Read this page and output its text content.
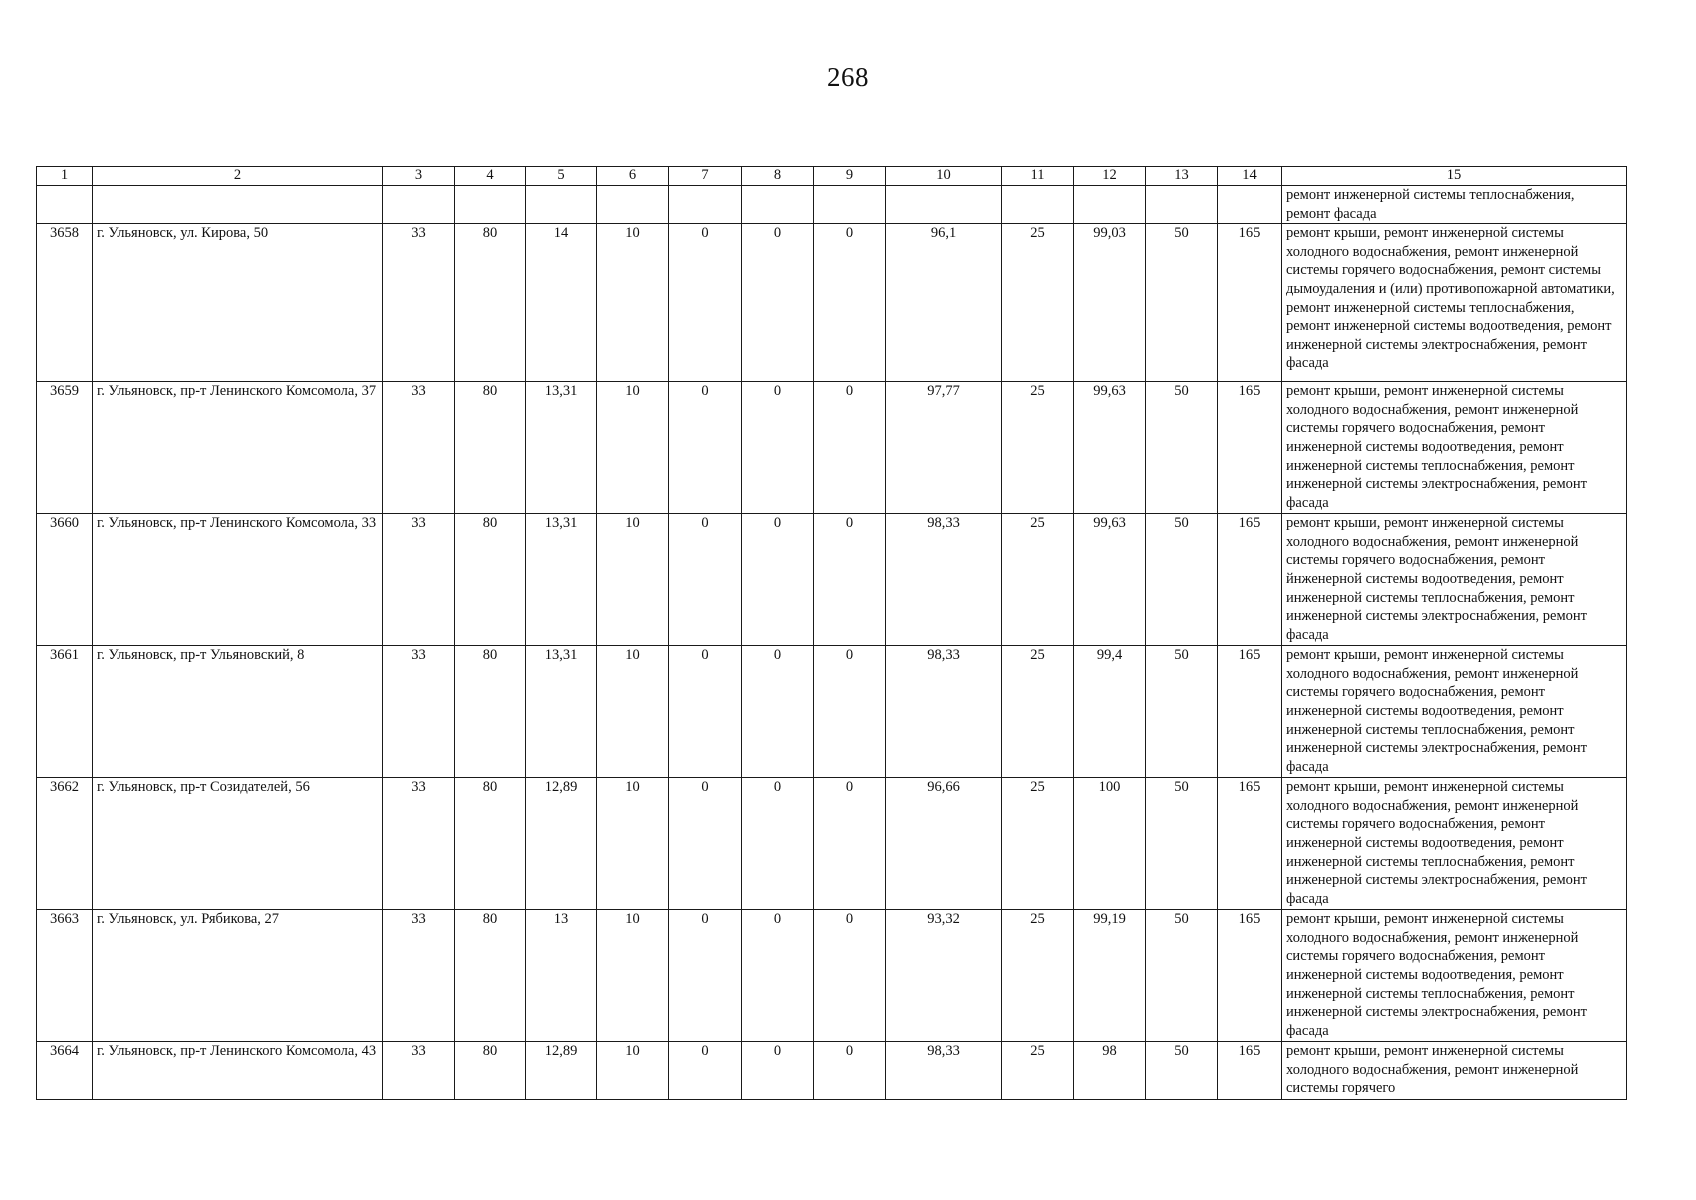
268
1	2	3	4	5	6	7	8	9	10	11	12	13	14	15
														ремонт инженерной системы теплоснабжения, ремонт фасада
3658	г. Ульяновск, ул. Кирова, 50	33	80	14	10	0	0	0	96,1	25	99,03	50	165	ремонт крыши, ремонт инженерной системы холодного водоснабжения, ремонт инженерной системы горячего водоснабжения, ремонт системы дымоудаления и (или) противопожарной автоматики, ремонт инженерной системы теплоснабжения, ремонт инженерной системы водоотведения, ремонт инженерной системы электроснабжения, ремонт фасада
3659	г. Ульяновск, пр-т Ленинского Комсомола, 37	33	80	13,31	10	0	0	0	97,77	25	99,63	50	165	ремонт крыши, ремонт инженерной системы холодного водоснабжения, ремонт инженерной системы горячего водоснабжения, ремонт инженерной системы водоотведения, ремонт инженерной системы теплоснабжения, ремонт инженерной системы электроснабжения, ремонт фасада
3660	г. Ульяновск, пр-т Ленинского Комсомола, 33	33	80	13,31	10	0	0	0	98,33	25	99,63	50	165	ремонт крыши, ремонт инженерной системы холодного водоснабжения, ремонт инженерной системы горячего водоснабжения, ремонт йнженерной системы водоотведения, ремонт инженерной системы теплоснабжения, ремонт инженерной системы электроснабжения, ремонт фасада
3661	г. Ульяновск, пр-т Ульяновский, 8	33	80	13,31	10	0	0	0	98,33	25	99,4	50	165	ремонт крыши, ремонт инженерной системы холодного водоснабжения, ремонт инженерной системы горячего водоснабжения, ремонт инженерной системы водоотведения, ремонт инженерной системы теплоснабжения, ремонт инженерной системы электроснабжения, ремонт фасада
3662	г. Ульяновск, пр-т Созидателей, 56	33	80	12,89	10	0	0	0	96,66	25	100	50	165	ремонт крыши, ремонт инженерной системы холодного водоснабжения, ремонт инженерной системы горячего водоснабжения, ремонт инженерной системы водоотведения, ремонт инженерной системы теплоснабжения, ремонт инженерной системы электроснабжения, ремонт фасада
3663	г. Ульяновск, ул. Рябикова, 27	33	80	13	10	0	0	0	93,32	25	99,19	50	165	ремонт крыши, ремонт инженерной системы холодного водоснабжения, ремонт инженерной системы горячего водоснабжения, ремонт инженерной системы водоотведения, ремонт инженерной системы теплоснабжения, ремонт инженерной системы электроснабжения, ремонт фасада
3664	г. Ульяновск, пр-т Ленинского Комсомола, 43	33	80	12,89	10	0	0	0	98,33	25	98	50	165	ремонт крыши, ремонт инженерной системы холодного водоснабжения, ремонт инженерной системы горячего
